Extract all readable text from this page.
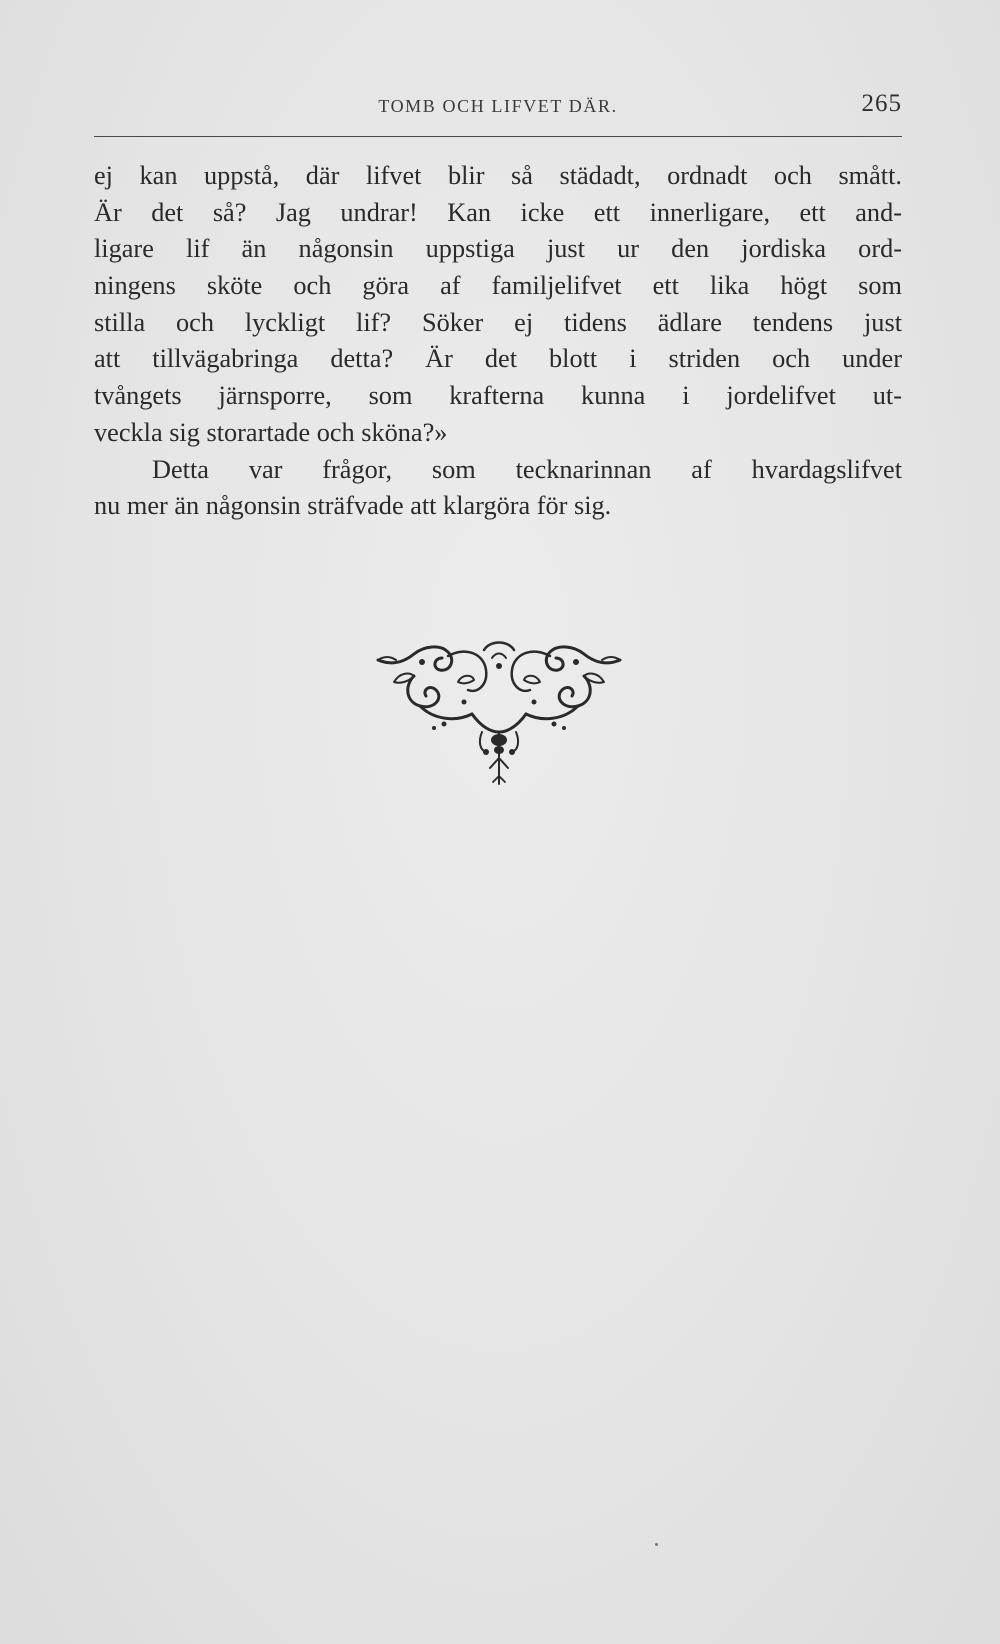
TOMB OCH LIFVET DÄR.	265
ej kan uppstå, där lifvet blir så städadt, ordnadt och smått.
Är det så? Jag undrar! Kan icke ett innerligare, ett and-
ligare lif än någonsin uppstiga just ur den jordiska ord-
ningens sköte och göra af familjelifvet ett lika högt som
stilla och lyckligt lif? Söker ej tidens ädlare tendens just
att tillvägabringa detta? Är det blott i striden och under
tvångets järnsporre, som krafterna kunna i jordelifvet ut-
veckla sig storartade och sköna?»
Detta var frågor, som tecknarinnan af hvardagslifvet
nu mer än någonsin sträfvade att klargöra för sig.
